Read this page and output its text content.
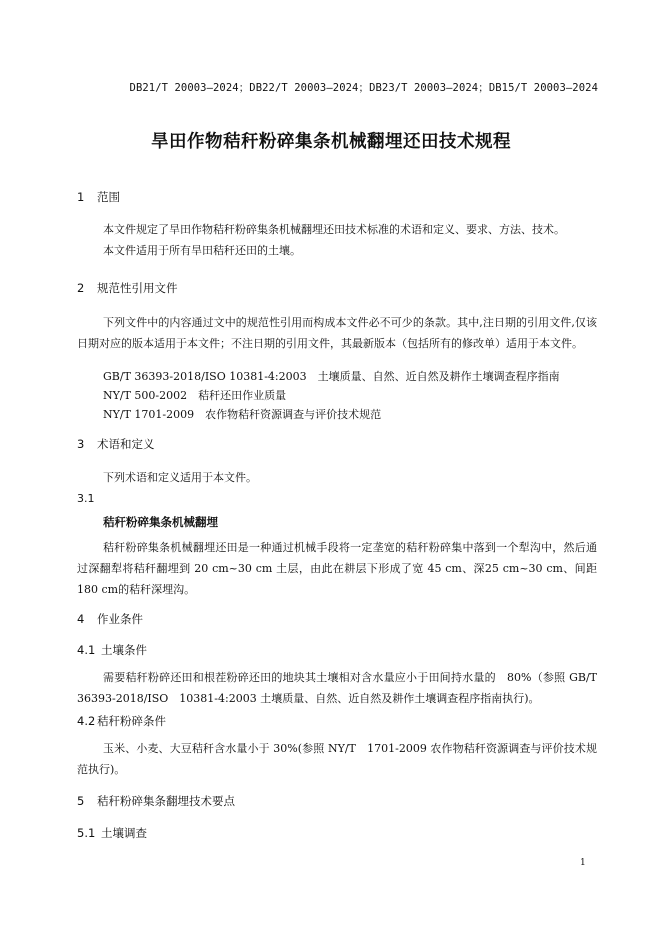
DB21/T 20003—2024；DB22/T 20003—2024；DB23/T 20003—2024；DB15/T 20003—2024
旱田作物秸秆粉碎集条机械翻埋还田技术规程
1 范围
本文件规定了旱田作物秸秆粉碎集条机械翻埋还田技术标准的术语和定义、要求、方法、技术。
本文件适用于所有旱田秸秆还田的土壤。
2 规范性引用文件
下列文件中的内容通过文中的规范性引用而构成本文件必不可少的条款。其中,注日期的引用文件,仅该日期对应的版本适用于本文件；不注日期的引用文件，其最新版本（包括所有的修改单）适用于本文件。
GB/T 36393-2018/ISO 10381-4:2003　土壤质量、自然、近自然及耕作土壤调查程序指南
NY/T 500-2002　秸秆还田作业质量
NY/T 1701-2009　农作物秸秆资源调查与评价技术规范
3 术语和定义
下列术语和定义适用于本文件。
3.1
秸秆粉碎集条机械翻埋
秸秆粉碎集条机械翻埋还田是一种通过机械手段将一定垄宽的秸秆粉碎集中落到一个犁沟中，然后通过深翻犁将秸秆翻埋到 20 cm~30 cm 土层，由此在耕层下形成了宽 45 cm、深25 cm~30 cm、间距180 cm的秸秆深埋沟。
4 作业条件
4.1 土壤条件
需要秸秆粉碎还田和根茬粉碎还田的地块其土壤相对含水量应小于田间持水量的　80%（参照 GB/T 36393-2018/ISO　10381-4:2003 土壤质量、自然、近自然及耕作土壤调查程序指南执行)。
4.2 秸秆粉碎条件
玉米、小麦、大豆秸秆含水量小于 30%(参照 NY/T　1701-2009 农作物秸秆资源调查与评价技术规范执行)。
5 秸秆粉碎集条翻埋技术要点
5.1 土壤调查
1
